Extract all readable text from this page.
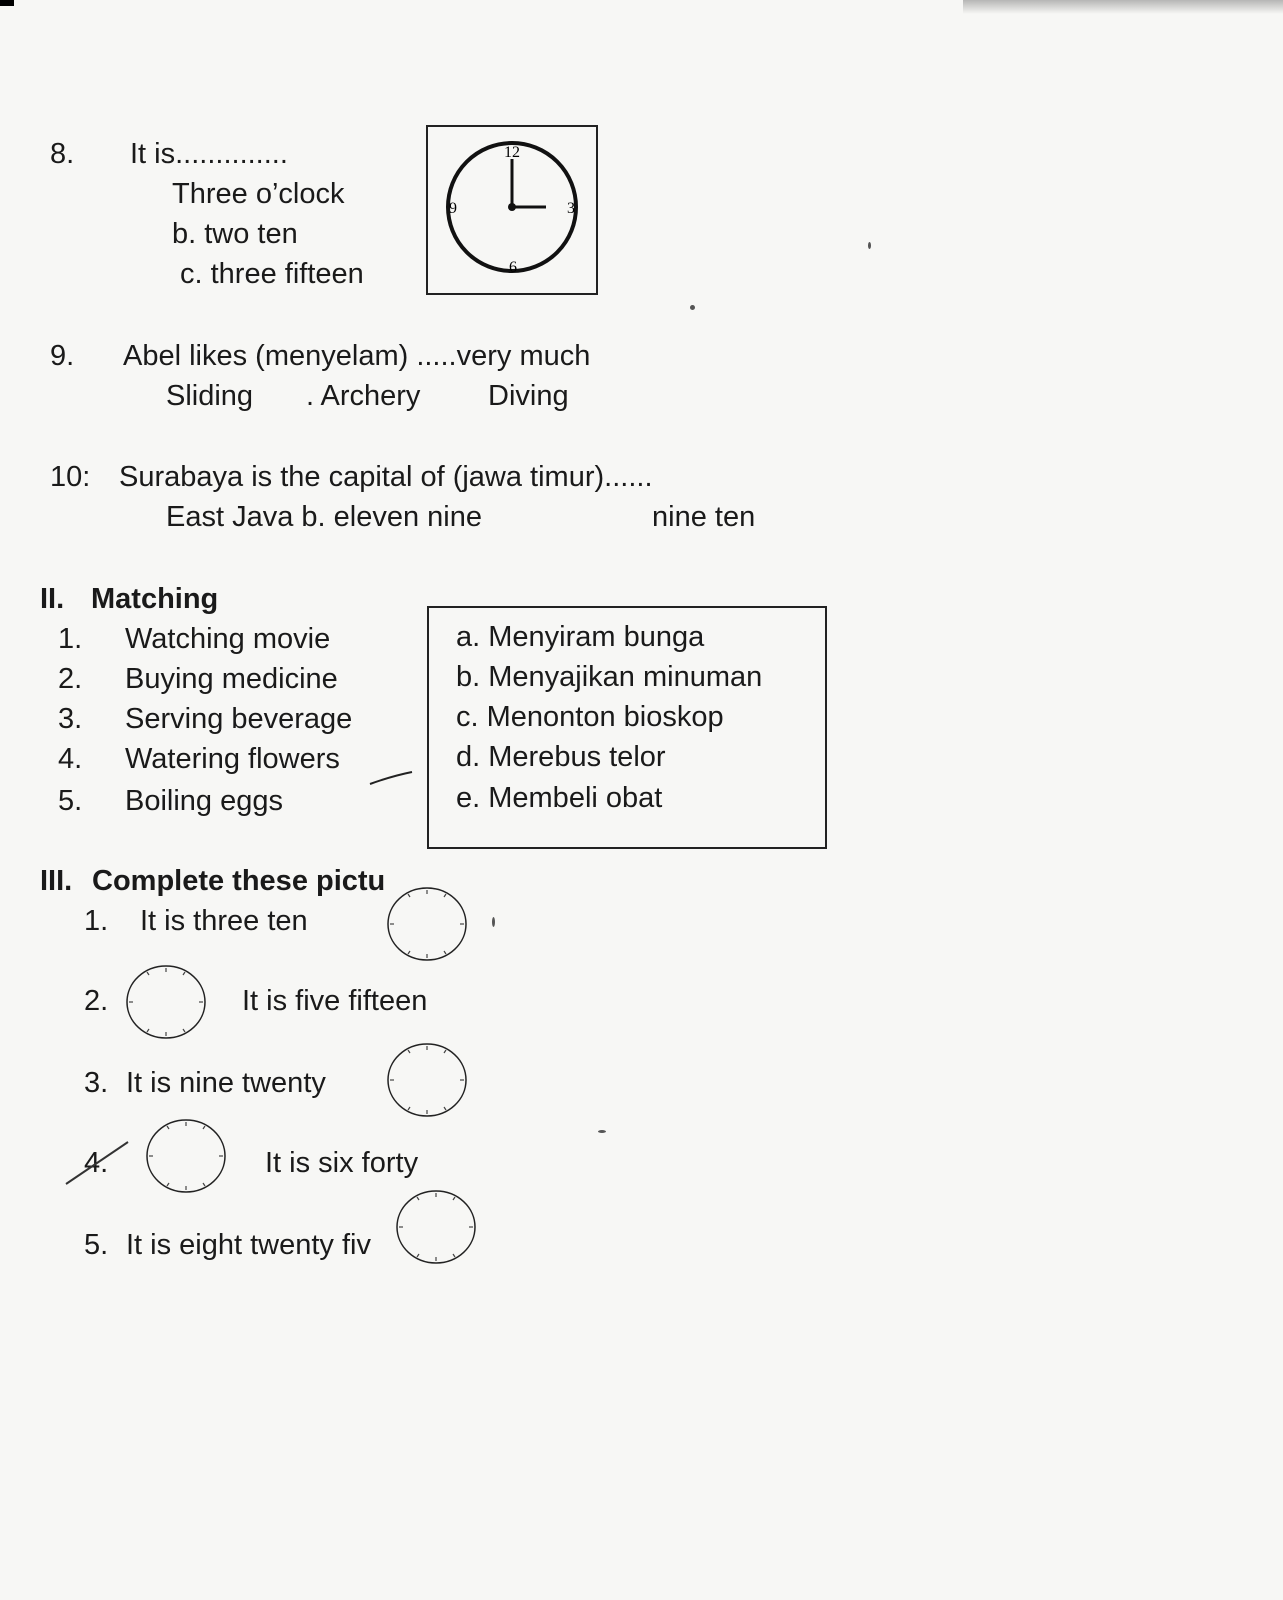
8. It is..............
Three o’clock
b. two ten
c. three fifteen
12
3
6
9
9. Abel likes (menyelam) .....very much
Sliding . Archery Diving
10: Surabaya is the capital of (jawa timur)......
East Java b. eleven nine	nine ten
II. Matching
1. Watching movie
2. Buying medicine
3. Serving beverage
4. Watering flowers
5. Boiling eggs
a. Menyiram bunga
b. Menyajikan minuman
c. Menonton bioskop
d. Merebus telor
e. Membeli obat
III. Complete these pictu
1. It is three ten
2.	It is five fifteen
3. It is nine twenty
4.	It is six forty
5. It is eight twenty fiv
